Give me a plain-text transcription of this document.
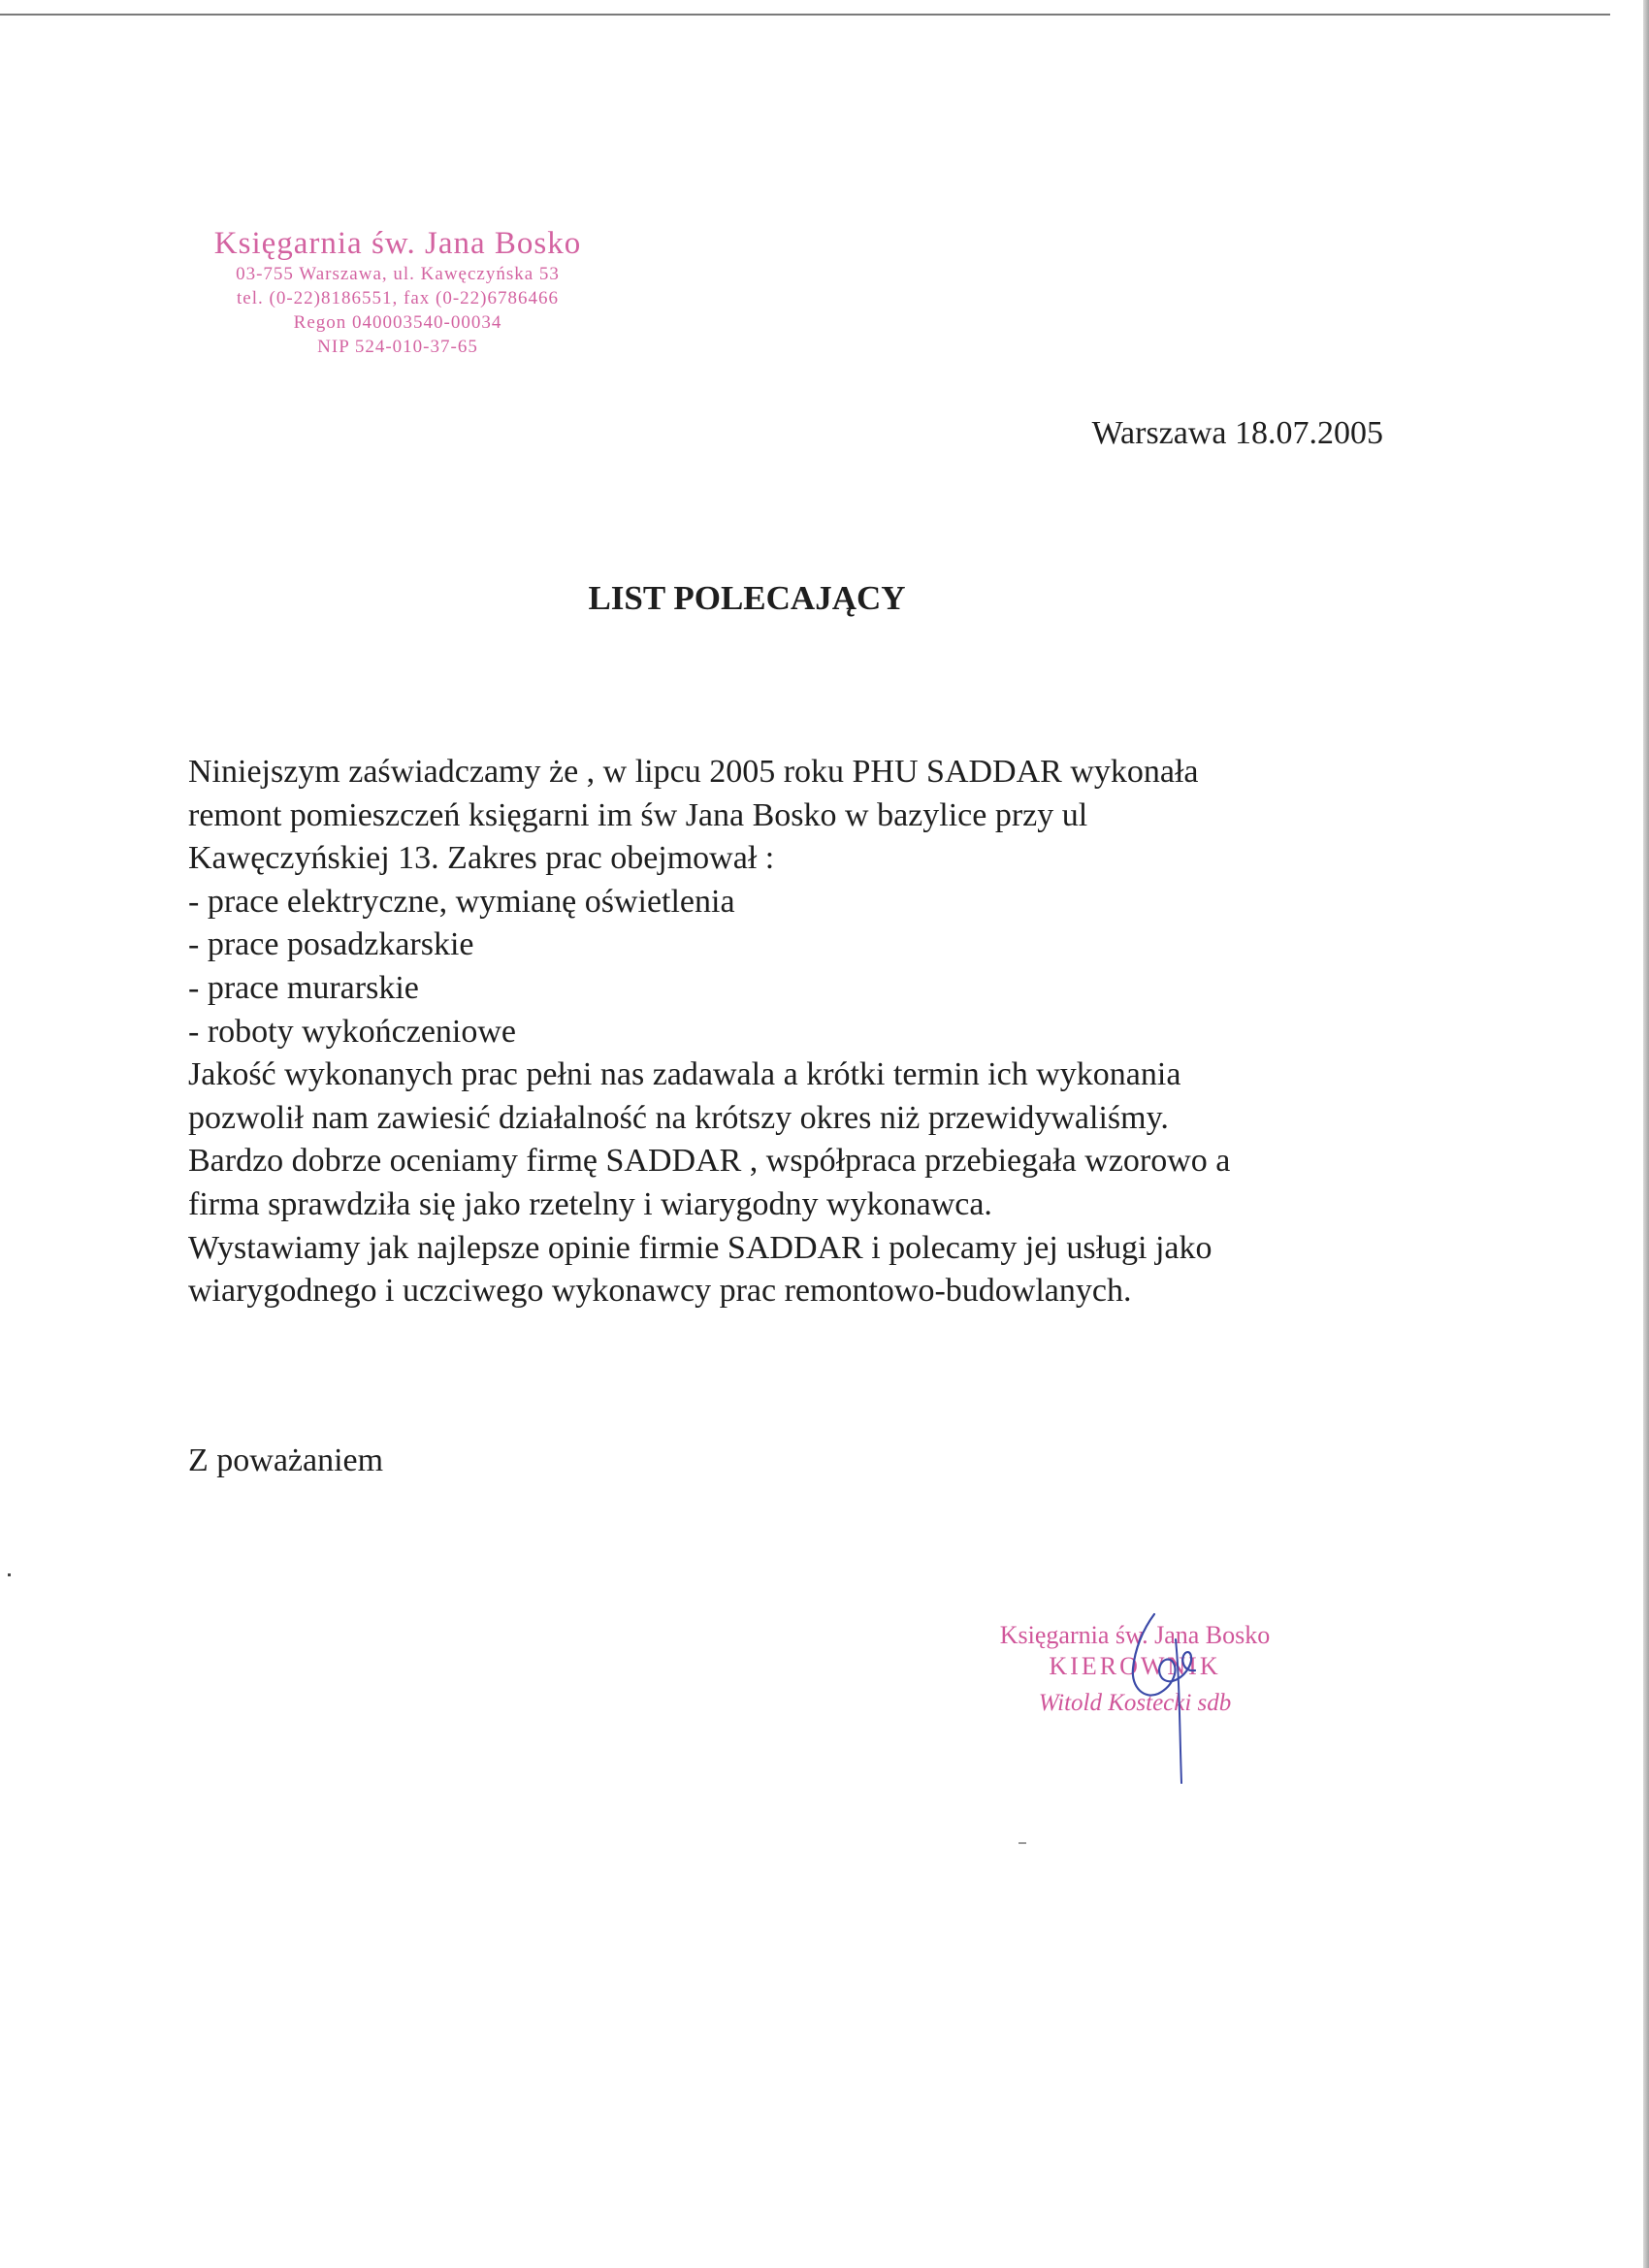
Księgarnia św. Jana Bosko
03-755 Warszawa, ul. Kawęczyńska 53
tel. (0-22)8186551, fax (0-22)6786466
Regon 040003540-00034
NIP 524-010-37-65
Warszawa 18.07.2005
LIST POLECAJĄCY
Niniejszym zaświadczamy że , w lipcu 2005 roku PHU SADDAR wykonała
remont pomieszczeń księgarni im św Jana Bosko w bazylice przy ul
Kawęczyńskiej 13. Zakres prac obejmował :
- prace elektryczne, wymianę oświetlenia
- prace posadzkarskie
- prace murarskie
- roboty wykończeniowe
Jakość wykonanych prac pełni nas zadawala a krótki termin ich wykonania
pozwolił nam zawiesić działalność na krótszy okres niż przewidywaliśmy.
Bardzo dobrze oceniamy firmę SADDAR , współpraca przebiegała wzorowo a
firma sprawdziła się jako rzetelny i wiarygodny wykonawca.
Wystawiamy jak najlepsze opinie firmie SADDAR i polecamy jej usługi jako
wiarygodnego i uczciwego wykonawcy prac remontowo-budowlanych.
Z poważaniem
Księgarnia św. Jana Bosko
KIEROWNIK
Witold Kostecki sdb
